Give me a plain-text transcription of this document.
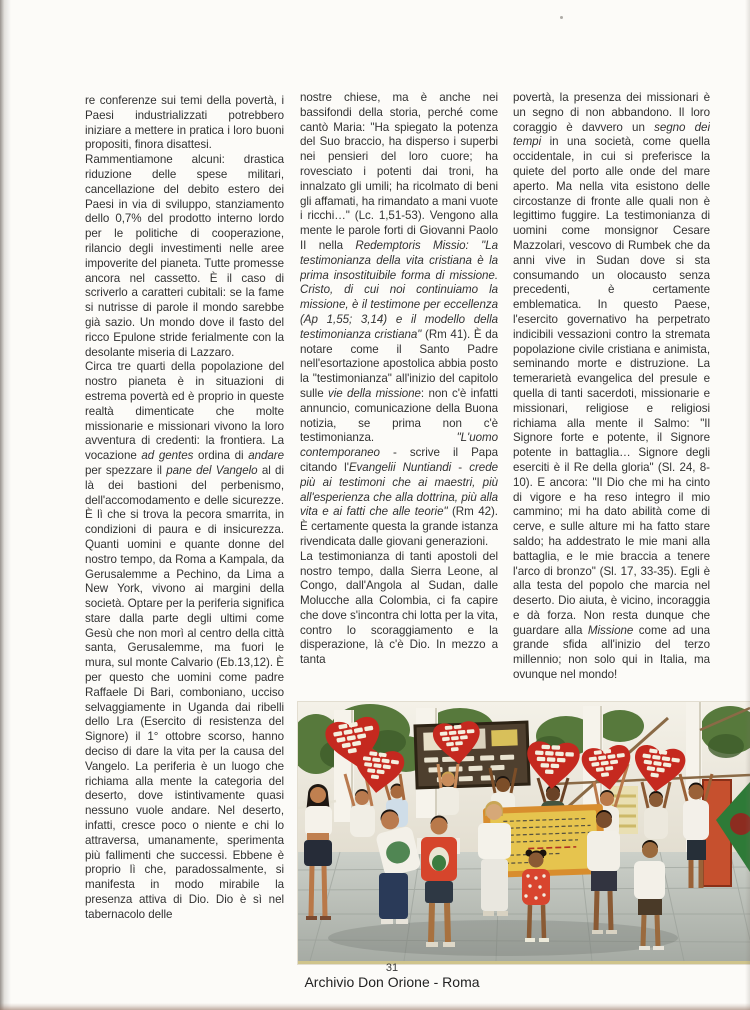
re conferenze sui temi della povertà, i Paesi industrializzati potrebbero iniziare a mettere in pratica i loro buoni propositi, finora disattesi.

Rammentiamone alcuni: drastica riduzione delle spese militari, cancellazione del debito estero dei Paesi in via di sviluppo, stanziamento dello 0,7% del prodotto interno lordo per le politiche di cooperazione, rilancio degli investimenti nelle aree impoverite del pianeta. Tutte promesse ancora nel cassetto. È il caso di scriverlo a caratteri cubitali: se la fame si nutrisse di parole il mondo sarebbe già sazio. Un mondo dove il fasto del ricco Epulone stride ferialmente con la desolante miseria di Lazzaro.

Circa tre quarti della popolazione del nostro pianeta è in situazioni di estrema povertà ed è proprio in queste realtà dimenticate che molte missionarie e missionari vivono la loro avventura di credenti: la frontiera. La vocazione ad gentes ordina di andare per spezzare il pane del Vangelo al di là dei bastioni del perbenismo, dell'accomodamento e delle sicurezze. È lì che si trova la pecora smarrita, in condizioni di paura e di insicurezza. Quanti uomini e quante donne del nostro tempo, da Roma a Kampala, da Gerusalemme a Pechino, da Lima a New York, vivono ai margini della società. Optare per la periferia significa stare dalla parte degli ultimi come Gesù che non morì al centro della città santa, Gerusalemme, ma fuori le mura, sul monte Calvario (Eb.13,12). È per questo che uomini come padre Raffaele Di Bari, comboniano, ucciso selvaggiamente in Uganda dai ribelli dello Lra (Esercito di resistenza del Signore) il 1° ottobre scorso, hanno deciso di dare la vita per la causa del Vangelo. La periferia è un luogo che richiama alla mente la categoria del deserto, dove istintivamente quasi nessuno vuole andare. Nel deserto, infatti, cresce poco o niente e chi lo attraversa, umanamente, sperimenta più fallimenti che successi. Ebbene è proprio lì che, paradossalmente, si manifesta in modo mirabile la presenza attiva di Dio. Dio è sì nel tabernacolo delle

nostre chiese, ma è anche nei bassifondi della storia, perché come cantò Maria: "Ha spiegato la potenza del Suo braccio, ha disperso i superbi nei pensieri del loro cuore; ha rovesciato i potenti dai troni, ha innalzato gli umili; ha ricolmato di beni gli affamati, ha rimandato a mani vuote i ricchi…" (Lc. 1,51-53). Vengono alla mente le parole forti di Giovanni Paolo II nella Redemptoris Missio: "La testimonianza della vita cristiana è la prima insostituibile forma di missione. Cristo, di cui noi continuiamo la missione, è il testimone per eccellenza (Ap 1,55; 3,14) e il modello della testimonianza cristiana" (Rm 41). È da notare come il Santo Padre nell'esortazione apostolica abbia posto la "testimonianza" all'inizio del capitolo sulle vie della missione: non c'è infatti annuncio, comunicazione della Buona notizia, se prima non c'è testimonianza. "L'uomo contemporaneo - scrive il Papa citando l'Evangelii Nuntiandi - crede più ai testimoni che ai maestri, più all'esperienza che alla dottrina, più alla vita e ai fatti che alle teorie" (Rm 42). È certamente questa la grande istanza rivendicata dalle giovani generazioni.

La testimonianza di tanti apostoli del nostro tempo, dalla Sierra Leone, al Congo, dall'Angola al Sudan, dalle Molucche alla Colombia, ci fa capire che dove s'incontra chi lotta per la vita, contro lo scoraggiamento e la disperazione, là c'è Dio. In mezzo a tanta

povertà, la presenza dei missionari è un segno di non abbandono. Il loro coraggio è davvero un segno dei tempi in una società, come quella occidentale, in cui si preferisce la quiete del porto alle onde del mare aperto. Ma nella vita esistono delle circostanze di fronte alle quali non è legittimo fuggire. La testimonianza di uomini come monsignor Cesare Mazzolari, vescovo di Rumbek che da anni vive in Sudan dove si sta consumando un olocausto senza precedenti, è certamente emblematica. In questo Paese, l'esercito governativo ha perpetrato indicibili vessazioni contro la stremata popolazione civile cristiana e animista, seminando morte e distruzione. La temerarietà evangelica del presule e quella di tanti sacerdoti, missionarie e missionari, religiose e religiosi richiama alla mente il Salmo: "Il Signore forte e potente, il Signore potente in battaglia… Signore degli eserciti è il Re della gloria" (Sl. 24, 8-10). E ancora: "Il Dio che mi ha cinto di vigore e ha reso integro il mio cammino; mi ha dato abilità come di cerve, e sulle alture mi ha fatto stare saldo; ha addestrato le mie mani alla battaglia, e le mie braccia a tenere l'arco di bronzo" (Sl. 17, 33-35). Egli è alla testa del popolo che marcia nel deserto. Dio aiuta, è vicino, incoraggia e dà forza. Non resta dunque che guardare alla Missione come ad una grande sfida all'inizio del terzo millennio; non solo qui in Italia, ma ovunque nel mondo!

31
Archivio Don Orione - Roma
